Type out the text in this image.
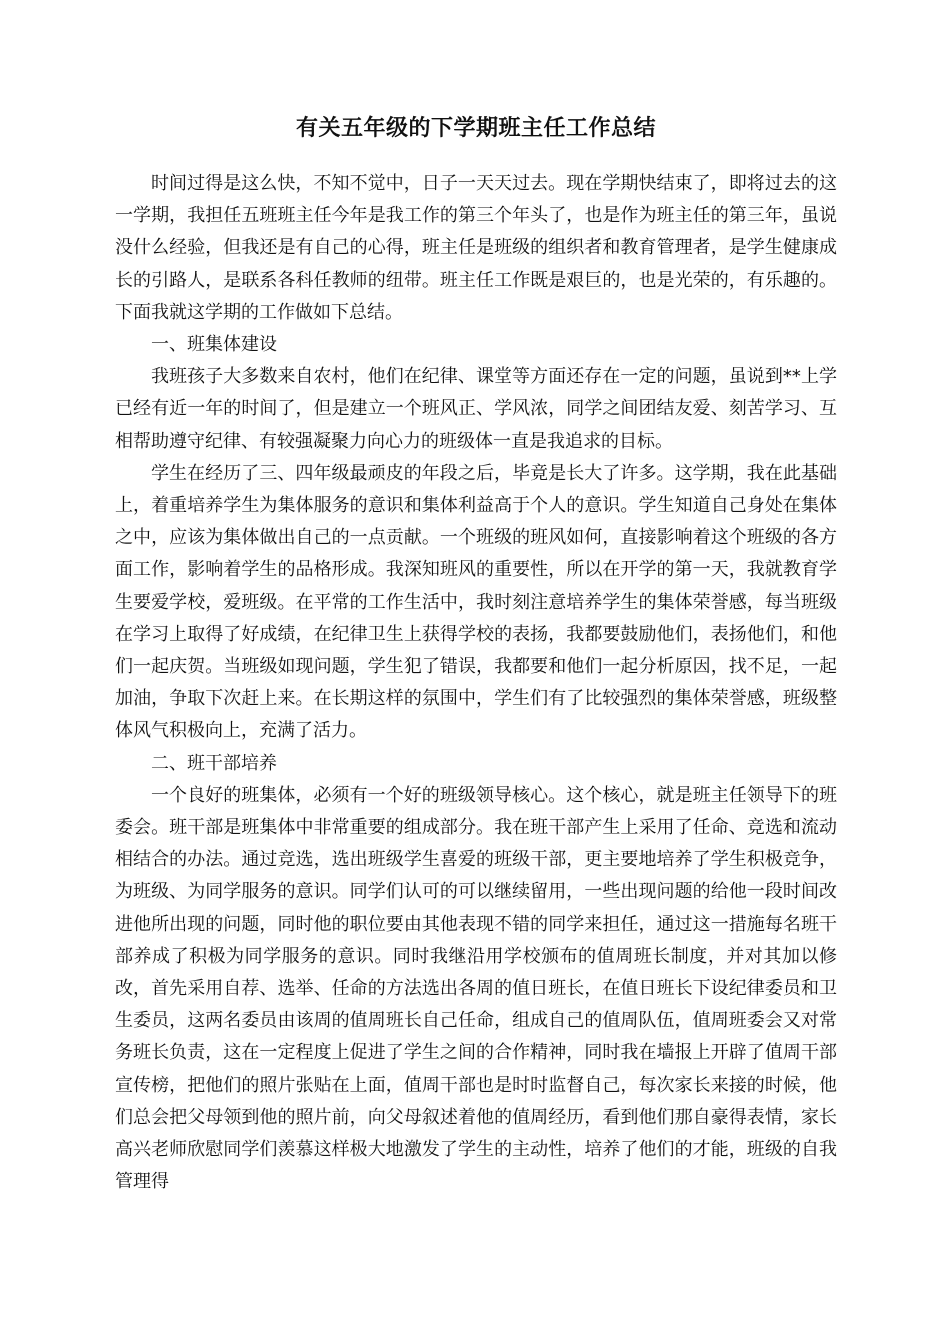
有关五年级的下学期班主任工作总结

时间过得是这么快，不知不觉中，日子一天天过去。现在学期快结束了，即将过去的这一学期，我担任五班班主任今年是我工作的第三个年头了，也是作为班主任的第三年，虽说没什么经验，但我还是有自己的心得，班主任是班级的组织者和教育管理者，是学生健康成长的引路人，是联系各科任教师的纽带。班主任工作既是艰巨的，也是光荣的，有乐趣的。下面我就这学期的工作做如下总结。

一、班集体建设

我班孩子大多数来自农村，他们在纪律、课堂等方面还存在一定的问题，虽说到**上学已经有近一年的时间了，但是建立一个班风正、学风浓，同学之间团结友爱、刻苦学习、互相帮助遵守纪律、有较强凝聚力向心力的班级体一直是我追求的目标。

学生在经历了三、四年级最顽皮的年段之后，毕竟是长大了许多。这学期，我在此基础上，着重培养学生为集体服务的意识和集体利益高于个人的意识。学生知道自己身处在集体之中，应该为集体做出自己的一点贡献。一个班级的班风如何，直接影响着这个班级的各方面工作，影响着学生的品格形成。我深知班风的重要性，所以在开学的第一天，我就教育学生要爱学校，爱班级。在平常的工作生活中，我时刻注意培养学生的集体荣誉感，每当班级在学习上取得了好成绩，在纪律卫生上获得学校的表扬，我都要鼓励他们，表扬他们，和他们一起庆贺。当班级如现问题，学生犯了错误，我都要和他们一起分析原因，找不足，一起加油，争取下次赶上来。在长期这样的氛围中，学生们有了比较强烈的集体荣誉感，班级整体风气积极向上，充满了活力。

二、班干部培养

一个良好的班集体，必须有一个好的班级领导核心。这个核心，就是班主任领导下的班委会。班干部是班集体中非常重要的组成部分。我在班干部产生上采用了任命、竞选和流动相结合的办法。通过竞选，选出班级学生喜爱的班级干部，更主要地培养了学生积极竞争，为班级、为同学服务的意识。同学们认可的可以继续留用，一些出现问题的给他一段时间改进他所出现的问题，同时他的职位要由其他表现不错的同学来担任，通过这一措施每名班干部养成了积极为同学服务的意识。同时我继沿用学校颁布的值周班长制度，并对其加以修改，首先采用自荐、选举、任命的方法选出各周的值日班长，在值日班长下设纪律委员和卫生委员，这两名委员由该周的值周班长自己任命，组成自己的值周队伍，值周班委会又对常务班长负责，这在一定程度上促进了学生之间的合作精神，同时我在墙报上开辟了值周干部宣传榜，把他们的照片张贴在上面，值周干部也是时时监督自己，每次家长来接的时候，他们总会把父母领到他的照片前，向父母叙述着他的值周经历，看到他们那自豪得表情，家长高兴老师欣慰同学们羡慕这样极大地激发了学生的主动性，培养了他们的才能，班级的自我管理得
